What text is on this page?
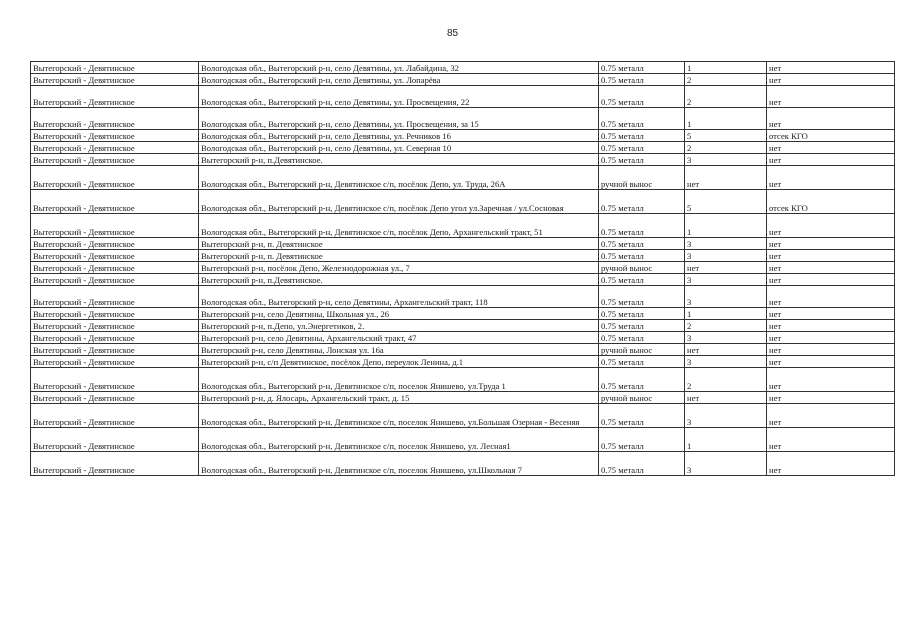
85
Вытегорский - Девятинское	Вологодская обл., Вытегорский р-н, село Девятины, ул. Лабайдина, 32	0.75 металл	1	нет
Вытегорский - Девятинское	Вологодская обл., Вытегорский р-н, село Девятины, ул. Лопарёва	0.75 металл	2	нет
Вытегорский - Девятинское	Вологодская обл., Вытегорский р-н, село Девятины, ул. Просвещения, 22	0.75 металл	2	нет
Вытегорский - Девятинское	Вологодская обл., Вытегорский р-н, село Девятины, ул. Просвещения, за 15	0.75 металл	1	нет
Вытегорский - Девятинское	Вологодская обл., Вытегорский р-н, село Девятины, ул. Речников 16	0.75 металл	5	отсек КГО
Вытегорский - Девятинское	Вологодская обл., Вытегорский р-н, село Девятины, ул. Северная 10	0.75 металл	2	нет
Вытегорский - Девятинское	Вытегорский р-н, п.Девятинское.	0.75 металл	3	нет
Вытегорский - Девятинское	Вологодская обл., Вытегорский р-н, Девятинское с/п, посёлок Депо, ул. Труда, 26А	ручной вынос	нет	нет
Вытегорский - Девятинское	Вологодская обл., Вытегорский р-н, Девятинское с/п, посёлок Депо угол ул.Заречная / ул.Сосновая	0.75 металл	5	отсек КГО
Вытегорский - Девятинское	Вологодская обл., Вытегорский р-н, Девятинское с/п, посёлок Депо, Архангельский тракт, 51	0.75 металл	1	нет
Вытегорский - Девятинское	Вытегорский р-н, п. Девятинское	0.75 металл	3	нет
Вытегорский - Девятинское	Вытегорский р-н, п. Девятинское	0.75 металл	3	нет
Вытегорский - Девятинское	Вытегорский р-н, посёлок Депо, Железнодорожная ул., 7	ручной вынос	нет	нет
Вытегорский - Девятинское	Вытегорский р-н, п.Девятинское.	0.75 металл	3	нет
Вытегорский - Девятинское	Вологодская обл., Вытегорский р-н, село Девятины, Архангельский тракт, 118	0.75 металл	3	нет
Вытегорский - Девятинское	Вытегорский р-н, село Девятины, Школьная ул., 26	0.75 металл	1	нет
Вытегорский - Девятинское	Вытегорский р-н, п.Депо, ул.Энергетиков, 2.	0.75 металл	2	нет
Вытегорский - Девятинское	Вытегорский р-н, село Девятины, Архангельский тракт, 47	0.75 металл	3	нет
Вытегорский - Девятинское	Вытегорский р-н, село Девятины, Лонская ул. 16а	ручной вынос	нет	нет
Вытегорский - Девятинское	Вытегорский р-н, с/п Девятинское, посёлок Депо, переулок Ленина, д.1	0.75 металл	3	нет
Вытегорский - Девятинское	Вологодская обл., Вытегорский р-н, Девятинское с/п, поселок Янишево, ул.Труда 1	0.75 металл	2	нет
Вытегорский - Девятинское	Вытегорский р-н, д. Ялосарь, Архангельский тракт, д. 15	ручной вынос	нет	нет
Вытегорский - Девятинское	Вологодская обл., Вытегорский р-н, Девятинское с/п, поселок Янишево, ул.Большая Озерная - Весеняя	0.75 металл	3	нет
Вытегорский - Девятинское	Вологодская обл., Вытегорский р-н, Девятинское с/п, поселок Янишево, ул. Лесная1	0.75 металл	1	нет
Вытегорский - Девятинское	Вологодская обл., Вытегорский р-н, Девятинское с/п, поселок Янишево, ул.Школьная 7	0.75 металл	3	нет
